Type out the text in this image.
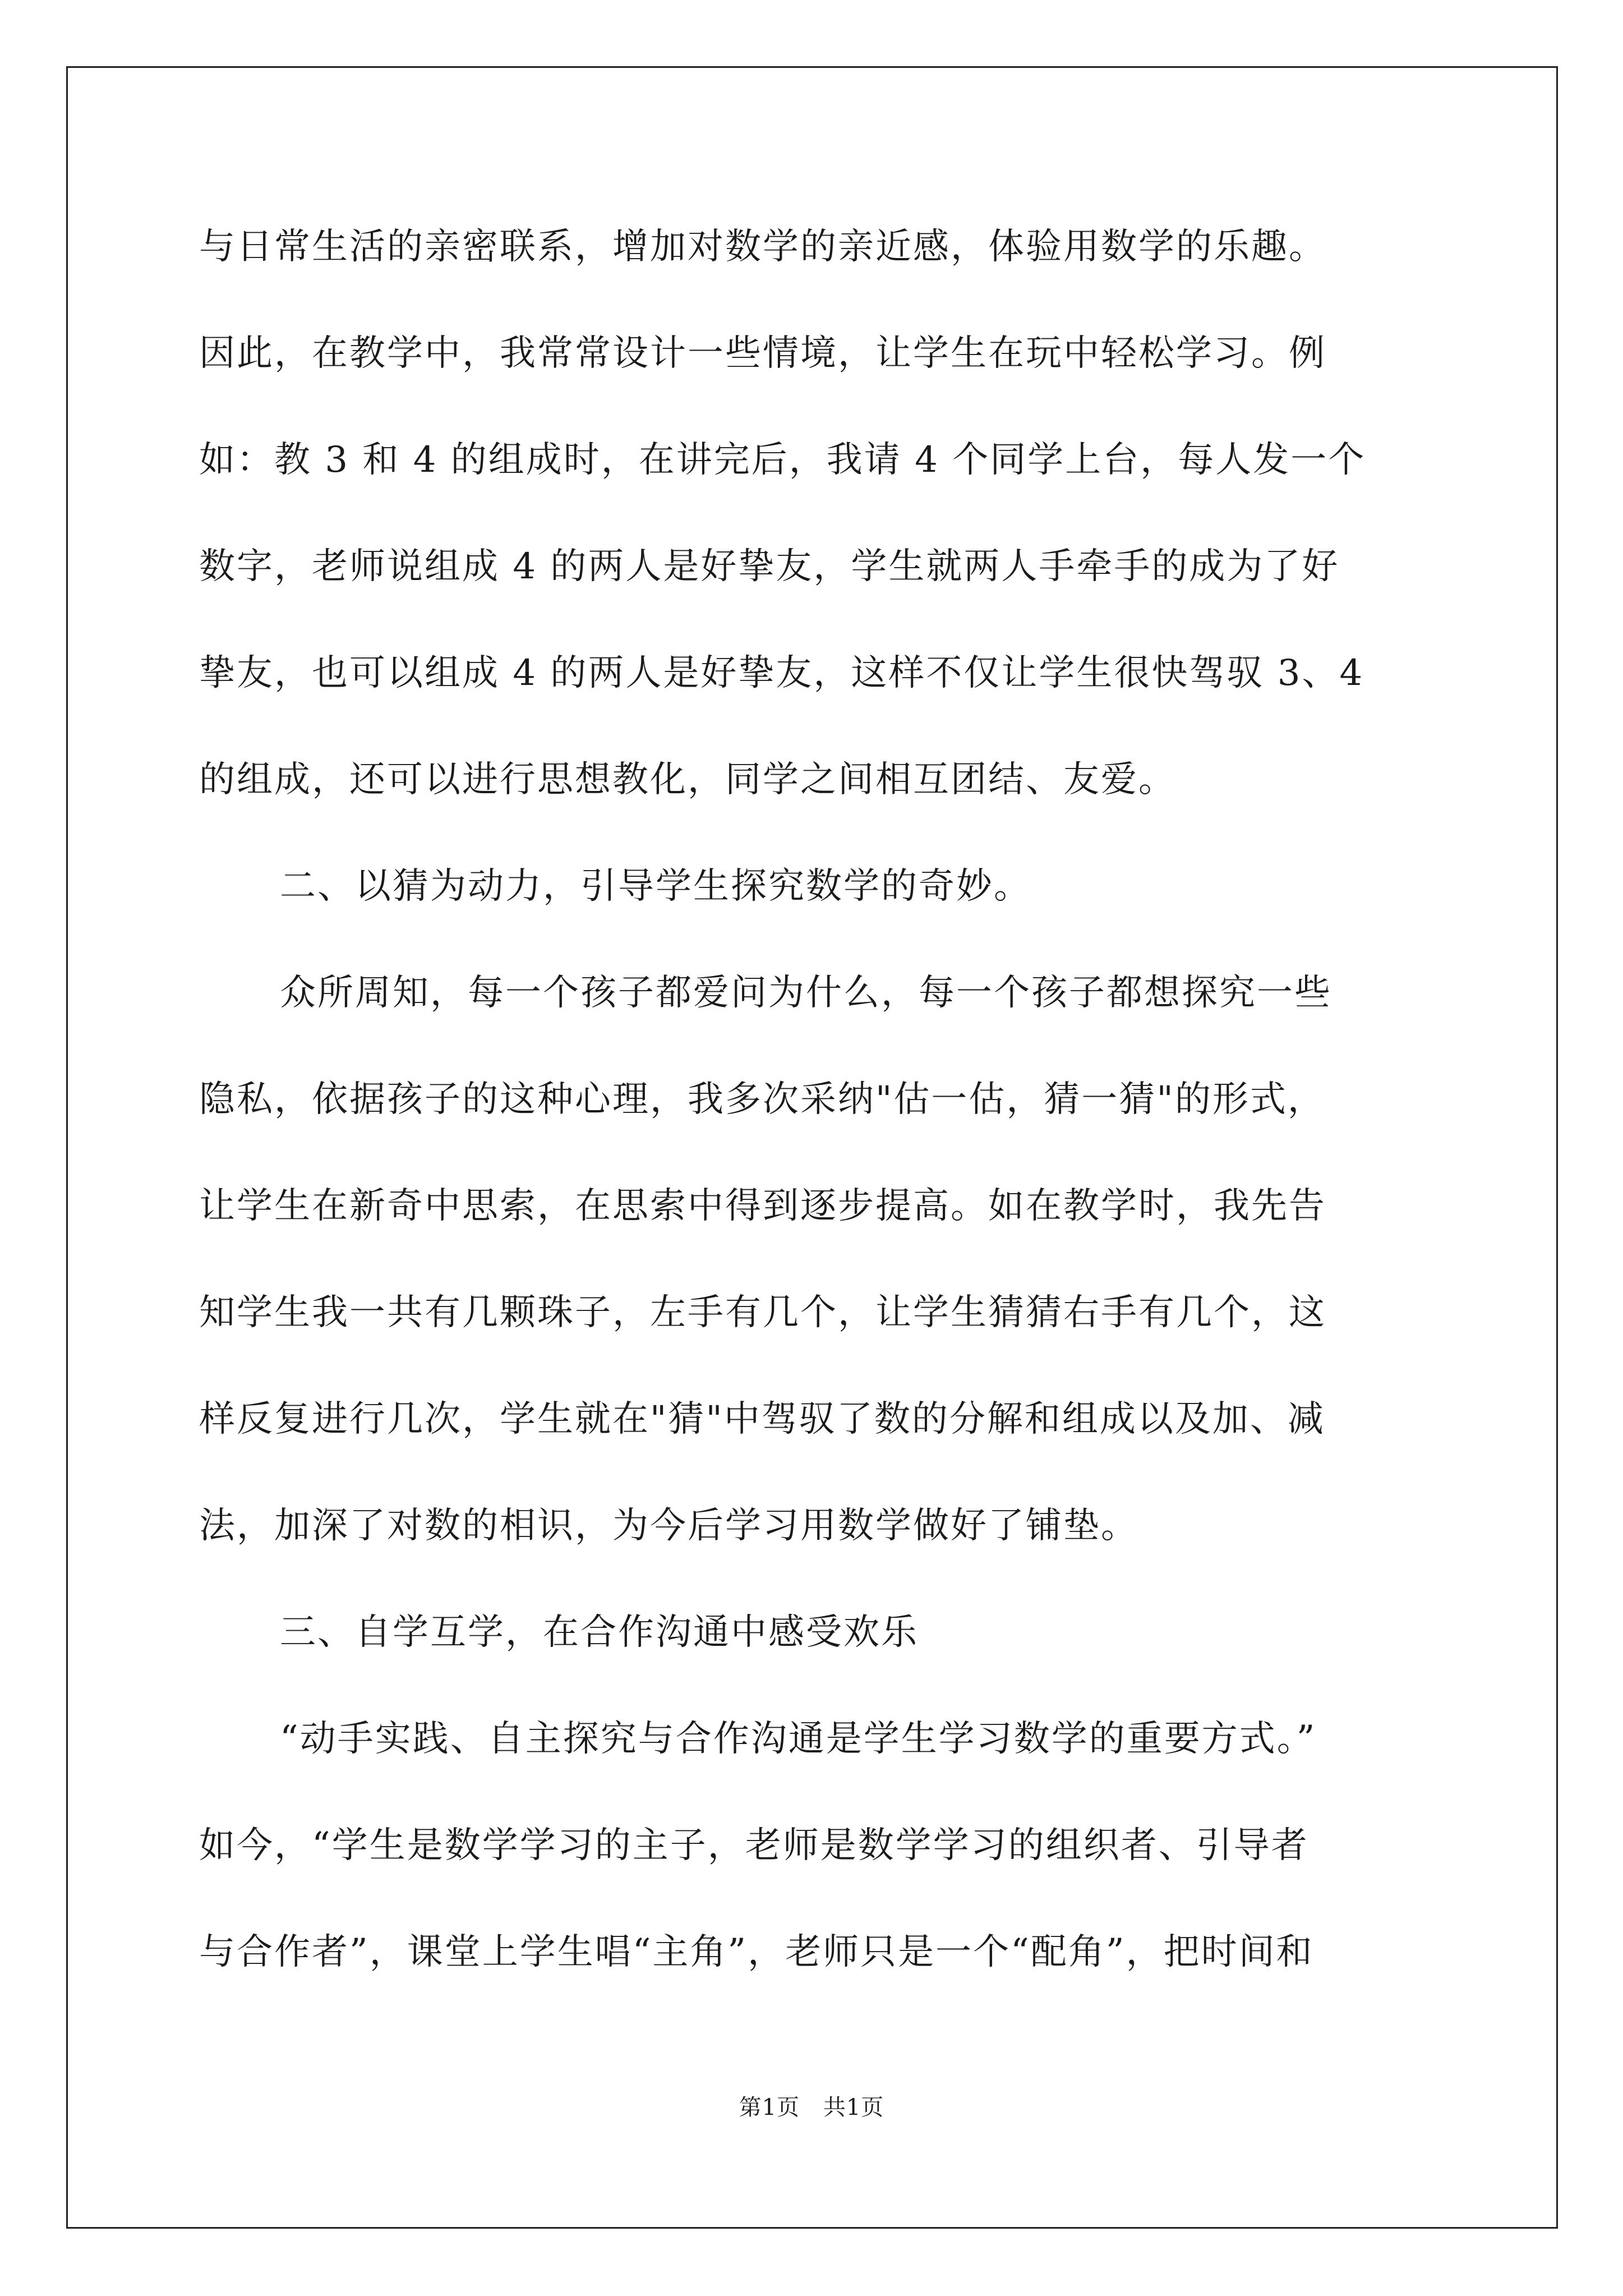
与日常生活的亲密联系，增加对数学的亲近感，体验用数学的乐趣。
因此，在教学中，我常常设计一些情境，让学生在玩中轻松学习。例
如：教 3 和 4 的组成时，在讲完后，我请 4 个同学上台，每人发一个
数字，老师说组成 4 的两人是好挚友，学生就两人手牵手的成为了好
挚友，也可以组成 4 的两人是好挚友，这样不仅让学生很快驾驭 3、4
的组成，还可以进行思想教化，同学之间相互团结、友爱。
二、以猜为动力，引导学生探究数学的奇妙。
众所周知，每一个孩子都爱问为什么，每一个孩子都想探究一些
隐私，依据孩子的这种心理，我多次采纳"估一估，猜一猜"的形式，
让学生在新奇中思索，在思索中得到逐步提高。如在教学时，我先告
知学生我一共有几颗珠子，左手有几个，让学生猜猜右手有几个，这
样反复进行几次，学生就在"猜"中驾驭了数的分解和组成以及加、减
法，加深了对数的相识，为今后学习用数学做好了铺垫。
三、自学互学，在合作沟通中感受欢乐
“动手实践、自主探究与合作沟通是学生学习数学的重要方式。”
如今，“学生是数学学习的主子，老师是数学学习的组织者、引导者
与合作者”，课堂上学生唱“主角”，老师只是一个“配角”，把时间和
第1页 共1页
